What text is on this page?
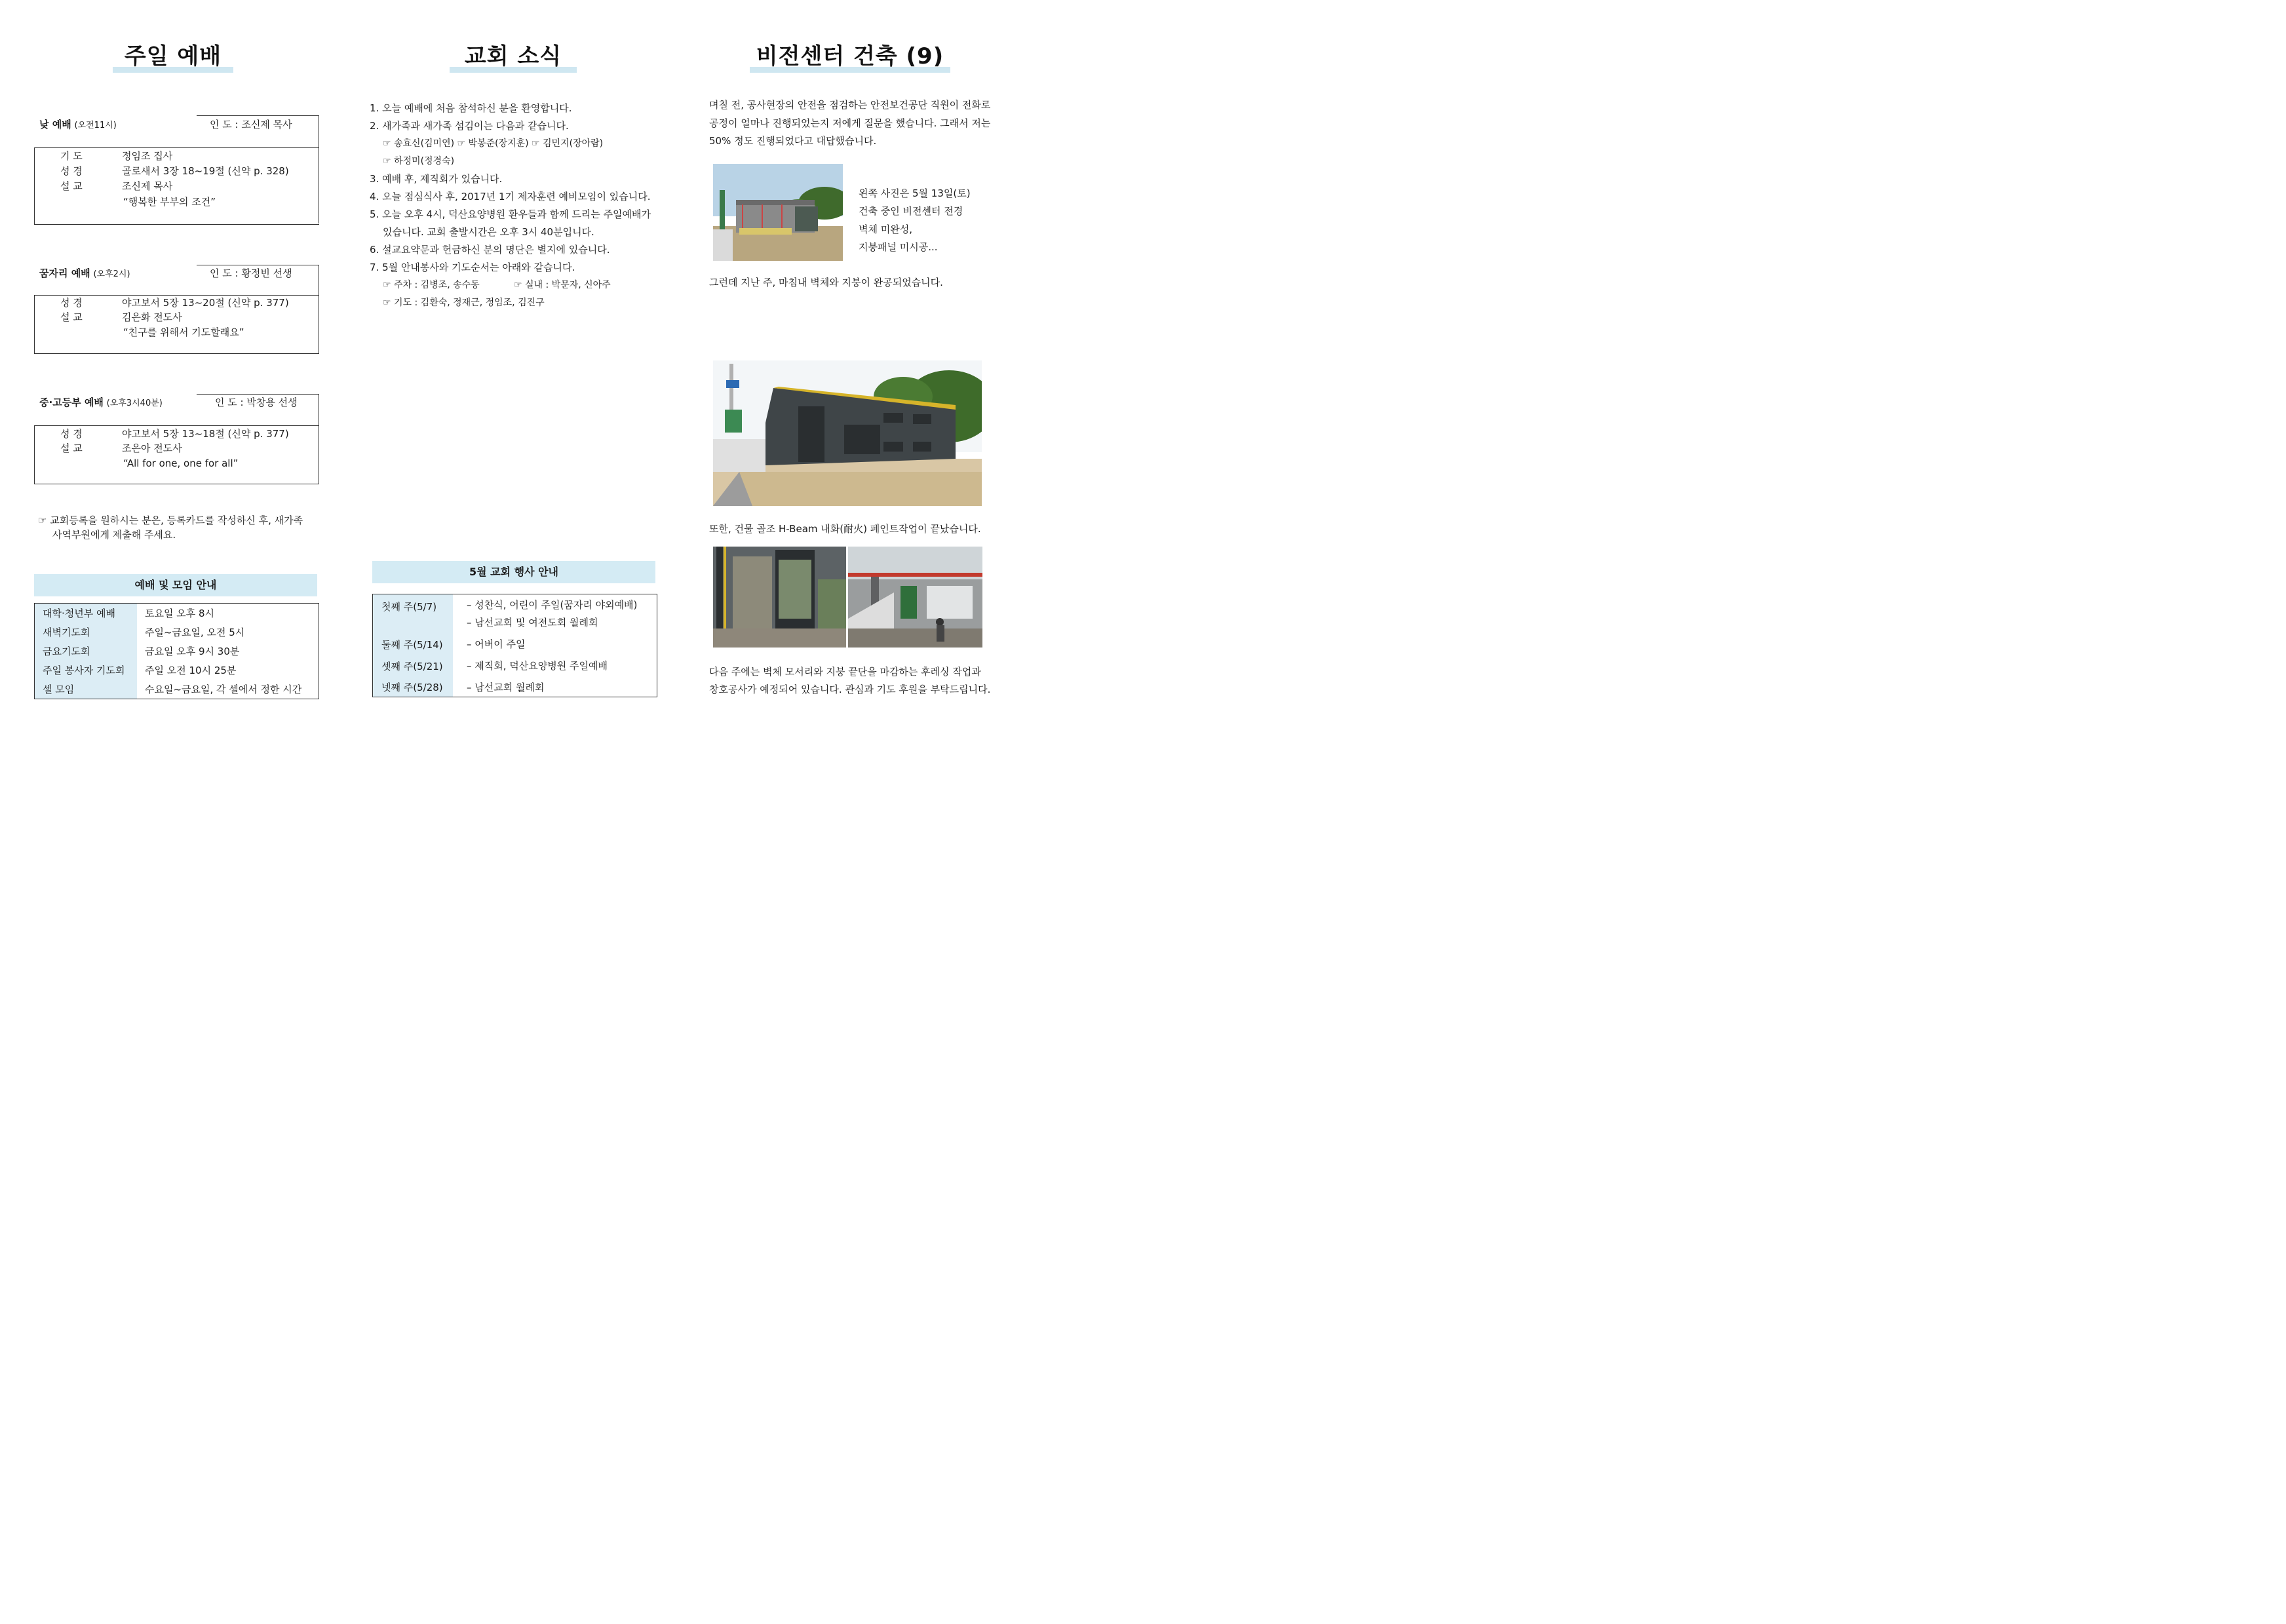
주일 예배
낮 예배 (오전11시)	인 도 : 조신제 목사
기 도	정임조 집사
성 경	골로새서 3장 18~19절 (신약 p. 328)
설 교	조신제 목사
“행복한 부부의 조건”
꿈자리 예배 (오후2시)	인 도 : 황정빈 선생
성 경	야고보서 5장 13~20절 (신약 p. 377)
설 교	김은화 전도사
“친구를 위해서 기도할래요”
중·고등부 예배 (오후3시40분)	인 도 : 박창용 선생
성 경	야고보서 5장 13~18절 (신약 p. 377)
설 교	조은아 전도사
“All for one, one for all”
☞ 교회등록을 원하시는 분은, 등록카드를 작성하신 후, 새가족
사역부원에게 제출해 주세요.
예배 및 모임 안내
대학·청년부 예배	토요일 오후 8시
새벽기도회	주일~금요일, 오전 5시
금요기도회	금요일 오후 9시 30분
주일 봉사자 기도회	주일 오전 10시 25분
셀 모임	수요일~금요일, 각 셀에서 정한 시간
교회 소식
1. 오늘 예배에 처음 참석하신 분을 환영합니다.
2. 새가족과 새가족 섬김이는 다음과 같습니다.
☞ 송효신(김미연) ☞ 박봉준(장지훈) ☞ 김민지(장아람)
☞ 하정미(정경숙)
3. 예배 후, 제직회가 있습니다.
4. 오늘 점심식사 후, 2017년 1기 제자훈련 예비모임이 있습니다.
5. 오늘 오후 4시, 덕산요양병원 환우들과 함께 드리는 주일예배가
있습니다. 교회 출발시간은 오후 3시 40분입니다.
6. 설교요약문과 헌금하신 분의 명단은 별지에 있습니다.
7. 5월 안내봉사와 기도순서는 아래와 같습니다.
☞ 주차 : 김병조, 송수동	☞ 실내 : 박문자, 신아주
☞ 기도 : 김환숙, 정재근, 정임조, 김진구
5월 교회 행사 안내
첫째 주(5/7)	– 성찬식, 어린이 주일(꿈자리 야외예배)
– 남선교회 및 여전도회 월례회
둘째 주(5/14) – 어버이 주일
셋째 주(5/21) – 제직회, 덕산요양병원 주일예배
넷째 주(5/28) – 남선교회 월례회
비전센터 건축 (9)
며칠 전, 공사현장의 안전을 점검하는 안전보건공단 직원이 전화로
공정이 얼마나 진행되었는지 저에게 질문을 했습니다. 그래서 저는
50% 정도 진행되었다고 대답했습니다.
왼쪽 사진은 5월 13일(토)
건축 중인 비전센터 전경
벽체 미완성,
지붕패널 미시공...
그런데 지난 주, 마침내 벽체와 지붕이 완공되었습니다.
또한, 건물 골조 H-Beam 내화(耐火) 페인트작업이 끝났습니다.
다음 주에는 벽체 모서리와 지붕 끝단을 마감하는 후레싱 작업과
창호공사가 예정되어 있습니다. 관심과 기도 후원을 부탁드립니다.
